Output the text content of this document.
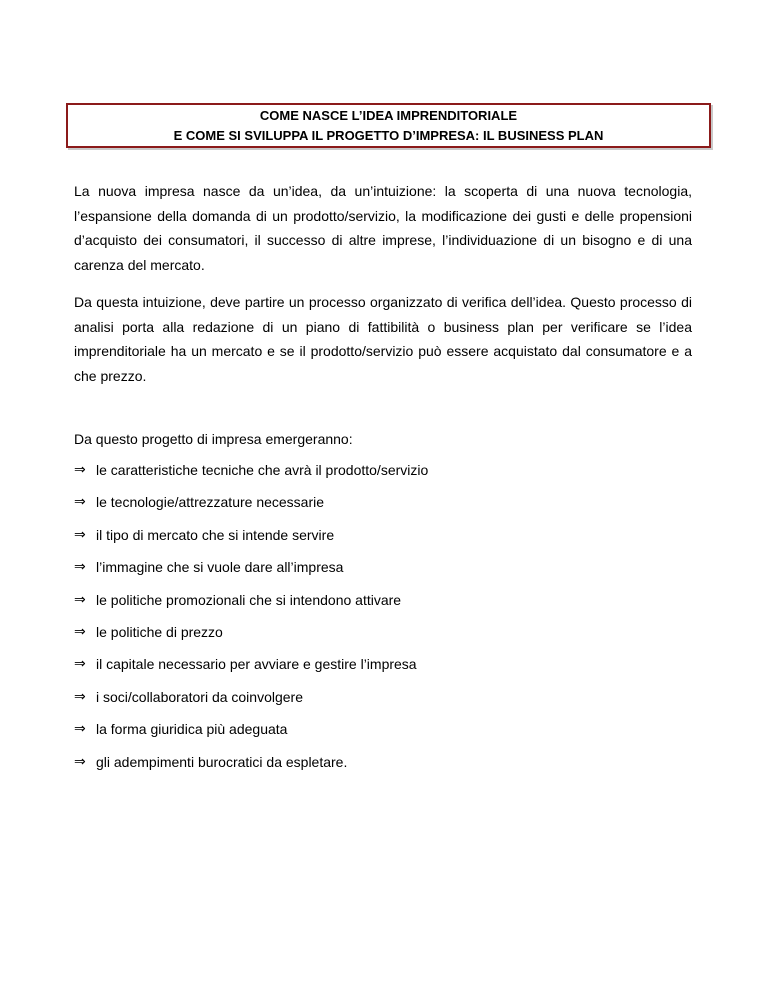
COME NASCE L’IDEA IMPRENDITORIALE
E COME SI SVILUPPA IL PROGETTO D’IMPRESA: IL BUSINESS PLAN

La nuova impresa nasce da un’idea, da un’intuizione: la scoperta di una nuova tecnologia, l’espansione della domanda di un prodotto/servizio, la modificazione dei gusti e delle propensioni d’acquisto dei consumatori, il successo di altre imprese, l’individuazione di un bisogno e di una carenza del mercato.

Da questa intuizione, deve partire un processo organizzato di verifica dell’idea. Questo processo di analisi porta alla redazione di un piano di fattibilità o business plan per verificare se l’idea imprenditoriale ha un mercato e se il prodotto/servizio può essere acquistato dal consumatore e a che prezzo.

Da questo progetto di impresa emergeranno:

⇒ le caratteristiche tecniche che avrà il prodotto/servizio
⇒ le tecnologie/attrezzature necessarie
⇒ il tipo di mercato che si intende servire
⇒ l’immagine che si vuole dare all’impresa
⇒ le politiche promozionali che si intendono attivare
⇒ le politiche di prezzo
⇒ il capitale necessario per avviare e gestire l’impresa
⇒ i soci/collaboratori da coinvolgere
⇒ la forma giuridica più adeguata
⇒ gli adempimenti burocratici da espletare.
